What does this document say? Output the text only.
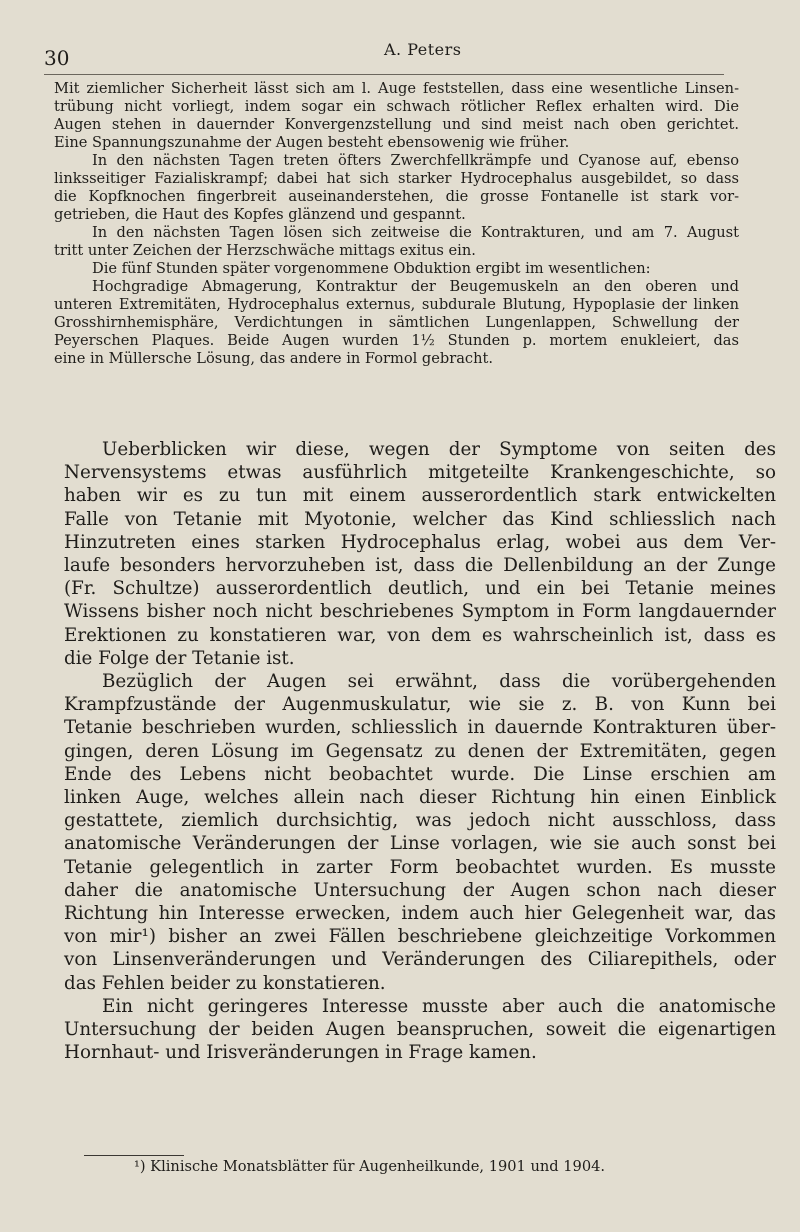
30	A. Peters
Mit ziemlicher Sicherheit lässt sich am l. Auge feststellen, dass eine wesentliche Linsen-
trübung nicht vorliegt, indem sogar ein schwach rötlicher Reflex erhalten wird. Die
Augen stehen in dauernder Konvergenzstellung und sind meist nach oben gerichtet.
Eine Spannungszunahme der Augen besteht ebensowenig wie früher.
In den nächsten Tagen treten öfters Zwerchfellkrämpfe und Cyanose auf, ebenso
linksseitiger Fazialiskrampf; dabei hat sich starker Hydrocephalus ausgebildet, so dass
die Kopfknochen fingerbreit auseinanderstehen, die grosse Fontanelle ist stark vor-
getrieben, die Haut des Kopfes glänzend und gespannt.
In den nächsten Tagen lösen sich zeitweise die Kontrakturen, und am 7. August
tritt unter Zeichen der Herzschwäche mittags exitus ein.
Die fünf Stunden später vorgenommene Obduktion ergibt im wesentlichen:
Hochgradige Abmagerung, Kontraktur der Beugemuskeln an den oberen und
unteren Extremitäten, Hydrocephalus externus, subdurale Blutung, Hypoplasie der linken
Grosshirnhemisphäre, Verdichtungen in sämtlichen Lungenlappen, Schwellung der
Peyerschen Plaques. Beide Augen wurden 1½ Stunden p. mortem enukleiert, das
eine in Müllersche Lösung, das andere in Formol gebracht.
Ueberblicken wir diese, wegen der Symptome von seiten des
Nervensystems etwas ausführlich mitgeteilte Krankengeschichte, so
haben wir es zu tun mit einem ausserordentlich stark entwickelten
Falle von Tetanie mit Myotonie, welcher das Kind schliesslich nach
Hinzutreten eines starken Hydrocephalus erlag, wobei aus dem Ver-
laufe besonders hervorzuheben ist, dass die Dellenbildung an der Zunge
(Fr. Schultze) ausserordentlich deutlich, und ein bei Tetanie meines
Wissens bisher noch nicht beschriebenes Symptom in Form langdauernder
Erektionen zu konstatieren war, von dem es wahrscheinlich ist, dass es
die Folge der Tetanie ist.
Bezüglich der Augen sei erwähnt, dass die vorübergehenden
Krampfzustände der Augenmuskulatur, wie sie z. B. von Kunn bei
Tetanie beschrieben wurden, schliesslich in dauernde Kontrakturen über-
gingen, deren Lösung im Gegensatz zu denen der Extremitäten, gegen
Ende des Lebens nicht beobachtet wurde. Die Linse erschien am
linken Auge, welches allein nach dieser Richtung hin einen Einblick
gestattete, ziemlich durchsichtig, was jedoch nicht ausschloss, dass
anatomische Veränderungen der Linse vorlagen, wie sie auch sonst bei
Tetanie gelegentlich in zarter Form beobachtet wurden. Es musste
daher die anatomische Untersuchung der Augen schon nach dieser
Richtung hin Interesse erwecken, indem auch hier Gelegenheit war, das
von mir¹) bisher an zwei Fällen beschriebene gleichzeitige Vorkommen
von Linsenveränderungen und Veränderungen des Ciliarepithels, oder
das Fehlen beider zu konstatieren.
Ein nicht geringeres Interesse musste aber auch die anatomische
Untersuchung der beiden Augen beanspruchen, soweit die eigenartigen
Hornhaut- und Irisveränderungen in Frage kamen.
¹) Klinische Monatsblätter für Augenheilkunde, 1901 und 1904.
